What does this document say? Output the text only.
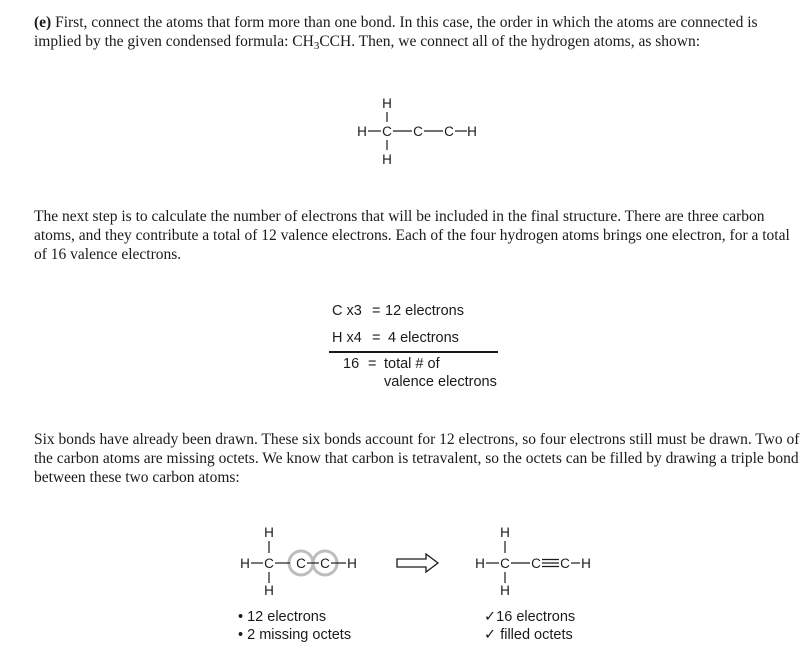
(e) First, connect the atoms that form more than one bond. In this case, the order in which the atoms are connected is implied by the given condensed formula: $CH_3CCH$. Then, we connect all of the hydrogen atoms, as shown:

H
H C C C H
H

The next step is to calculate the number of electrons that will be included in the final structure. There are three carbon atoms, and they contribute a total of 12 valence electrons. Each of the four hydrogen atoms brings one electron, for a total of 16 valence electrons.

C x3 = 12 electrons
H x4 = 4 electrons
16 = total # of
valence electrons

Six bonds have already been drawn. These six bonds account for 12 electrons, so four electrons still must be drawn. Two of the carbon atoms are missing octets. We know that carbon is tetravalent, so the octets can be filled by drawing a triple bond between these two carbon atoms:

H
H C C C H
H
H
H C C C H
H
• 12 electrons
• 2 missing octets
✓16 electrons
✓ filled octets
